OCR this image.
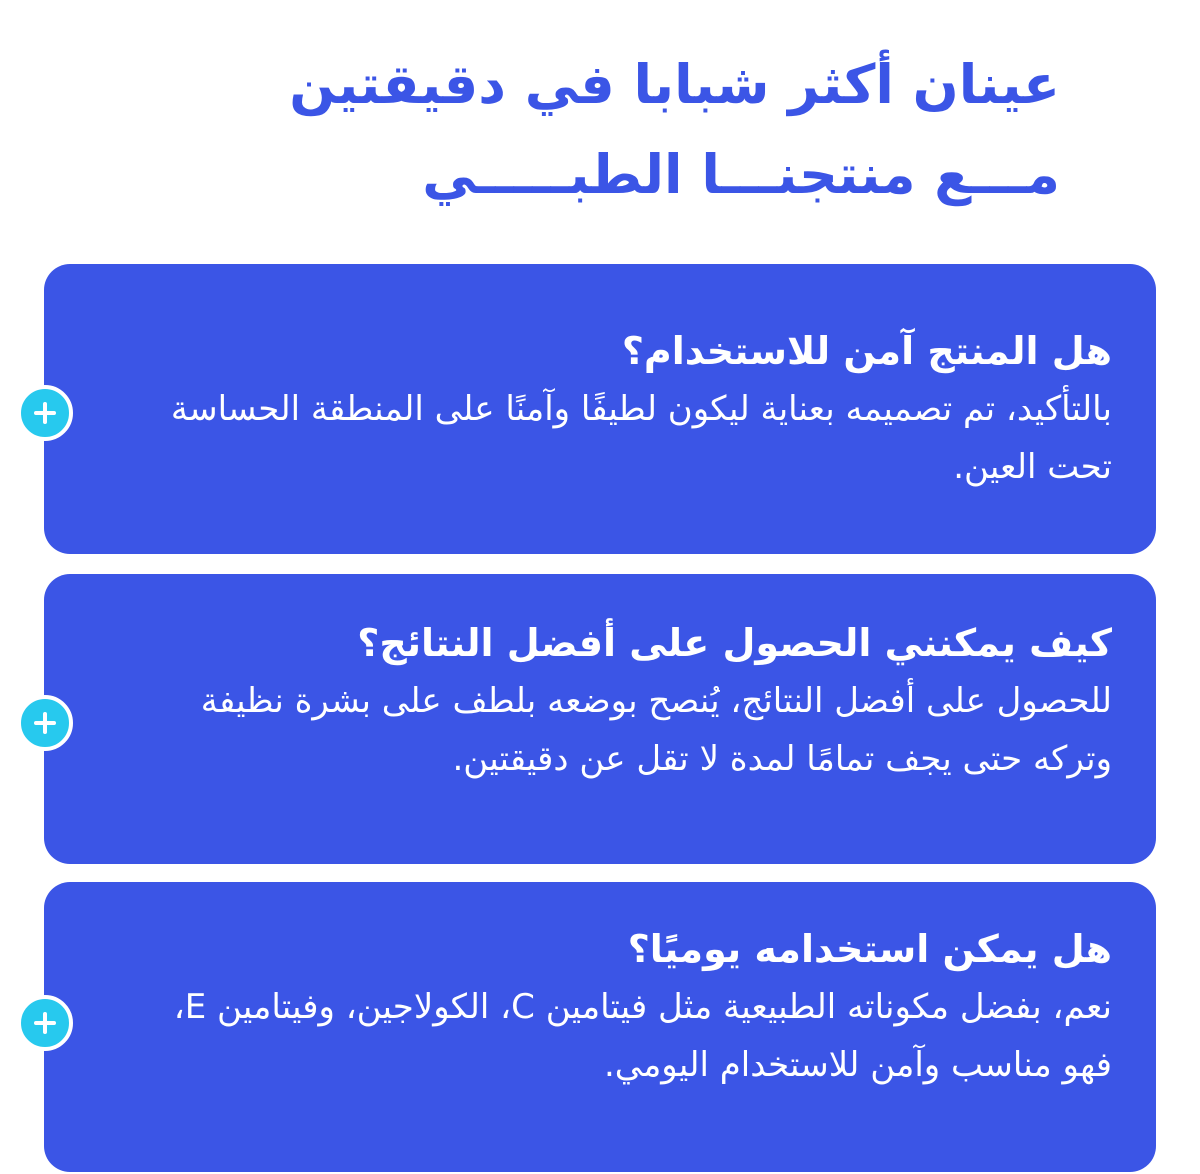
عينان أكثر شبابا في دقيقتين
مـــع منتجنـــا الطبـــــي
هل المنتج آمن للاستخدام؟

بالتأكيد، تم تصميمه بعناية ليكون لطيفًا وآمنًا على المنطقة الحساسة تحت العين.

كيف يمكنني الحصول على أفضل النتائج؟

للحصول على أفضل النتائج، يُنصح بوضعه بلطف على بشرة نظيفة وتركه حتى يجف تمامًا لمدة لا تقل عن دقيقتين.

هل يمكن استخدامه يوميًا؟

نعم، بفضل مكوناته الطبيعية مثل فيتامين C، الكولاجين، وفيتامين E، فهو مناسب وآمن للاستخدام اليومي.
